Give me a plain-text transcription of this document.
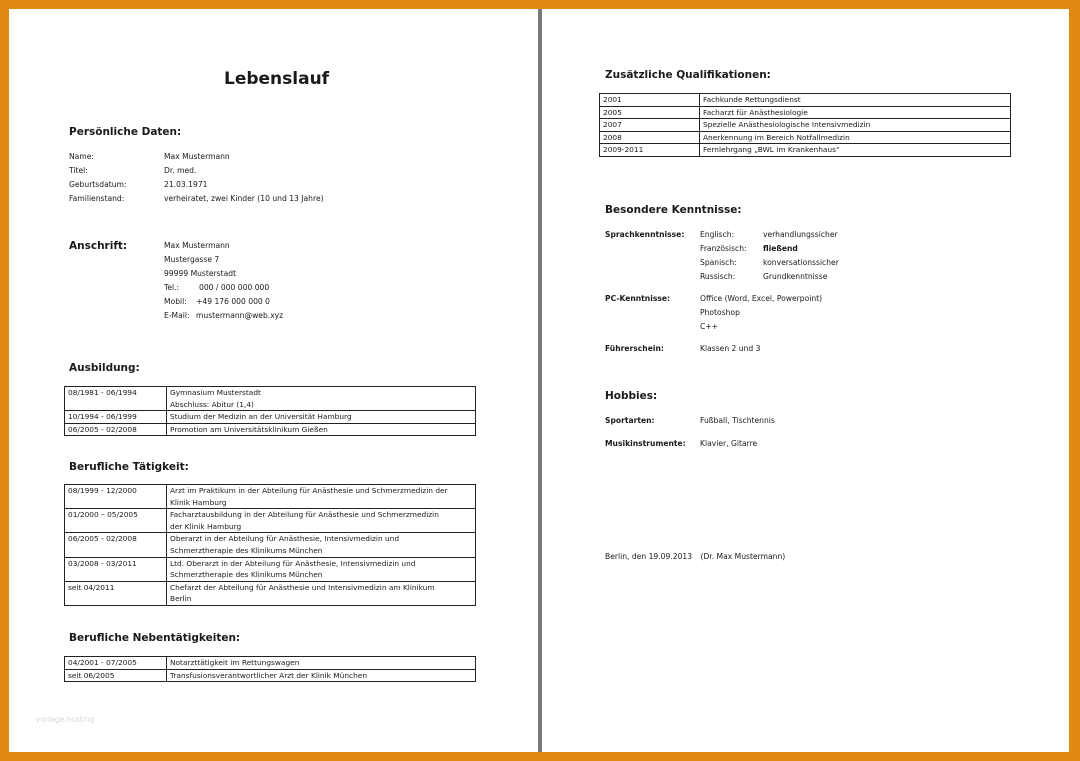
Lebenslauf
Persönliche Daten:
Name:	Max Mustermann
Titel:	Dr. med.
Geburtsdatum:	21.03.1971
Familienstand:	verheiratet, zwei Kinder (10 und 13 Jahre)
Anschrift:	Max Mustermann
Mustergasse 7
99999 Musterstadt
Tel.:	000 / 000 000 000
Mobil:	+49 176 000 000 0
E-Mail: mustermann@web.xyz
Ausbildung:
08/1981 - 06/1994	Gymnasium Musterstadt
Abschluss: Abitur (1,4)
10/1994 - 06/1999	Studium der Medizin an der Universität Hamburg
06/2005 - 02/2008	Promotion am Universitätsklinikum Gießen
Berufliche Tätigkeit:
08/1999 - 12/2000	Arzt im Praktikum in der Abteilung für Anästhesie und Schmerzmedizin der
Klinik Hamburg
01/2000 – 05/2005	Facharztausbildung in der Abteilung für Anästhesie und Schmerzmedizin
der Klinik Hamburg
06/2005 - 02/2008	Oberarzt in der Abteilung für Anästhesie, Intensivmedizin und
Schmerztherapie des Klinikums München
03/2008 - 03/2011	Ltd. Oberarzt in der Abteilung für Anästhesie, Intensivmedizin und
Schmerztherapie des Klinikums München
seit 04/2011	Chefarzt der Abteilung für Anästhesie und Intensivmedizin am Klinikum
Berlin
Berufliche Nebentätigkeiten:
04/2001 - 07/2005	Notarzttätigkeit im Rettungswagen
seit 06/2005	Transfusionsverantwortlicher Arzt der Klinik München
vorlage.hosting
Zusätzliche Qualifikationen:
2001	Fachkunde Rettungsdienst
2005	Facharzt für Anästhesiologie
2007	Spezielle Anästhesiologische Intensivmedizin
2008	Anerkennung im Bereich Notfallmedizin
2009-2011	Fernlehrgang „BWL im Krankenhaus“
Besondere Kenntnisse:
Sprachkenntnisse: Englisch:	verhandlungssicher
Französisch:	fließend
Spanisch:	konversationssicher
Russisch:	Grundkenntnisse
PC-Kenntnisse:	Office (Word, Excel, Powerpoint)
Photoshop
C++
Führerschein:	Klassen 2 und 3
Hobbies:
Sportarten:	Fußball, Tischtennis
Musikinstrumente: Klavier, Gitarre
Berlin, den 19.09.2013 (Dr. Max Mustermann)
